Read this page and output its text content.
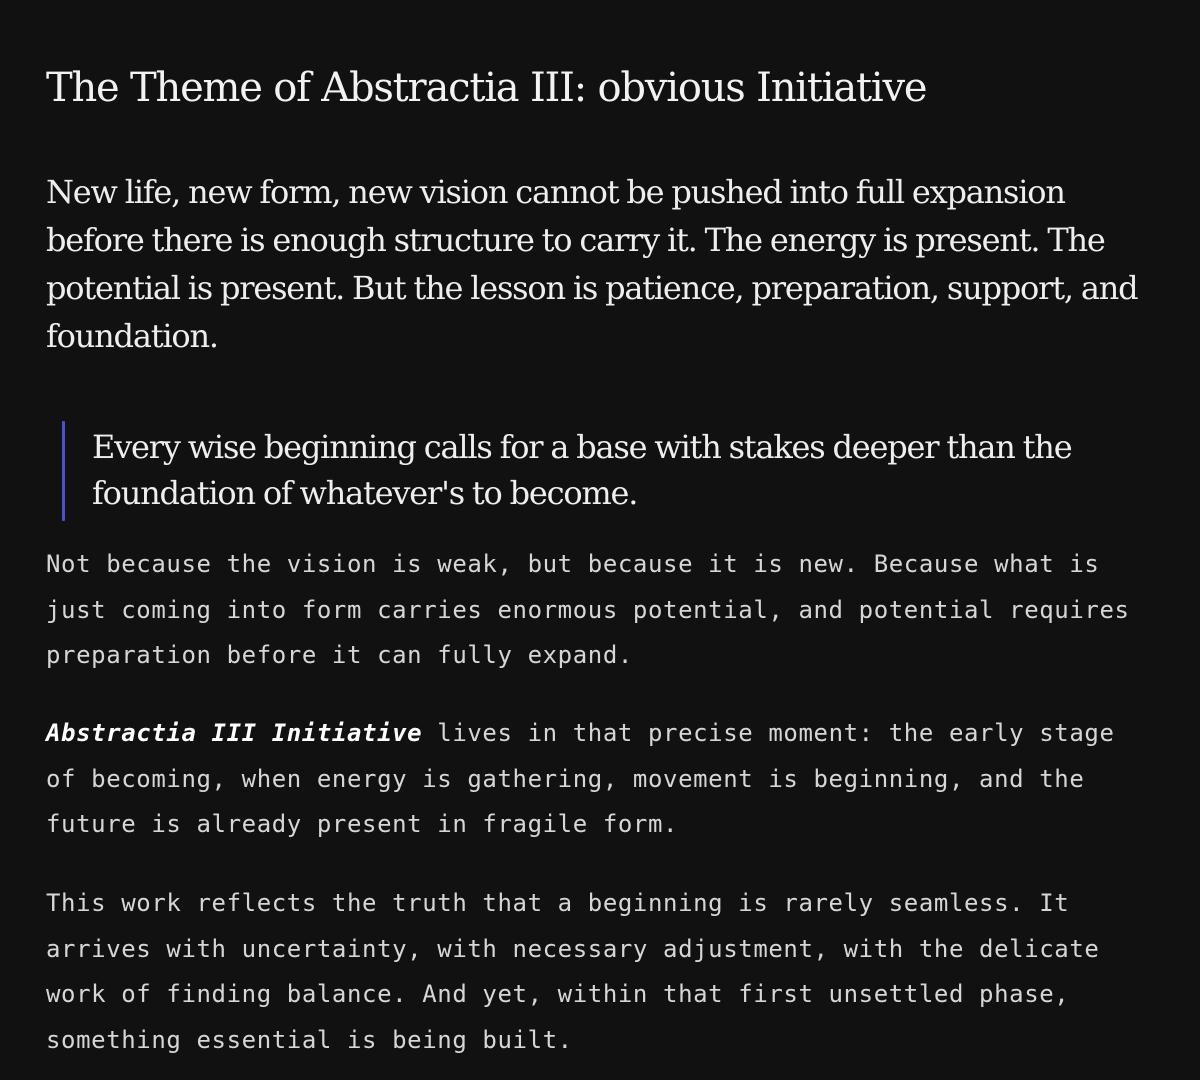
The Theme of Abstractia III: obvious Initiative

New life, new form, new vision cannot be pushed into full expansion before there is enough structure to carry it. The energy is present. The potential is present. But the lesson is patience, preparation, support, and foundation.

Every wise beginning calls for a base with stakes deeper than the foundation of whatever's to become.

Not because the vision is weak, but because it is new. Because what is just coming into form carries enormous potential, and potential requires preparation before it can fully expand.

Abstractia III Initiative lives in that precise moment: the early stage of becoming, when energy is gathering, movement is beginning, and the future is already present in fragile form.

This work reflects the truth that a beginning is rarely seamless. It arrives with uncertainty, with necessary adjustment, with the delicate work of finding balance. And yet, within that first unsettled phase, something essential is being built.
